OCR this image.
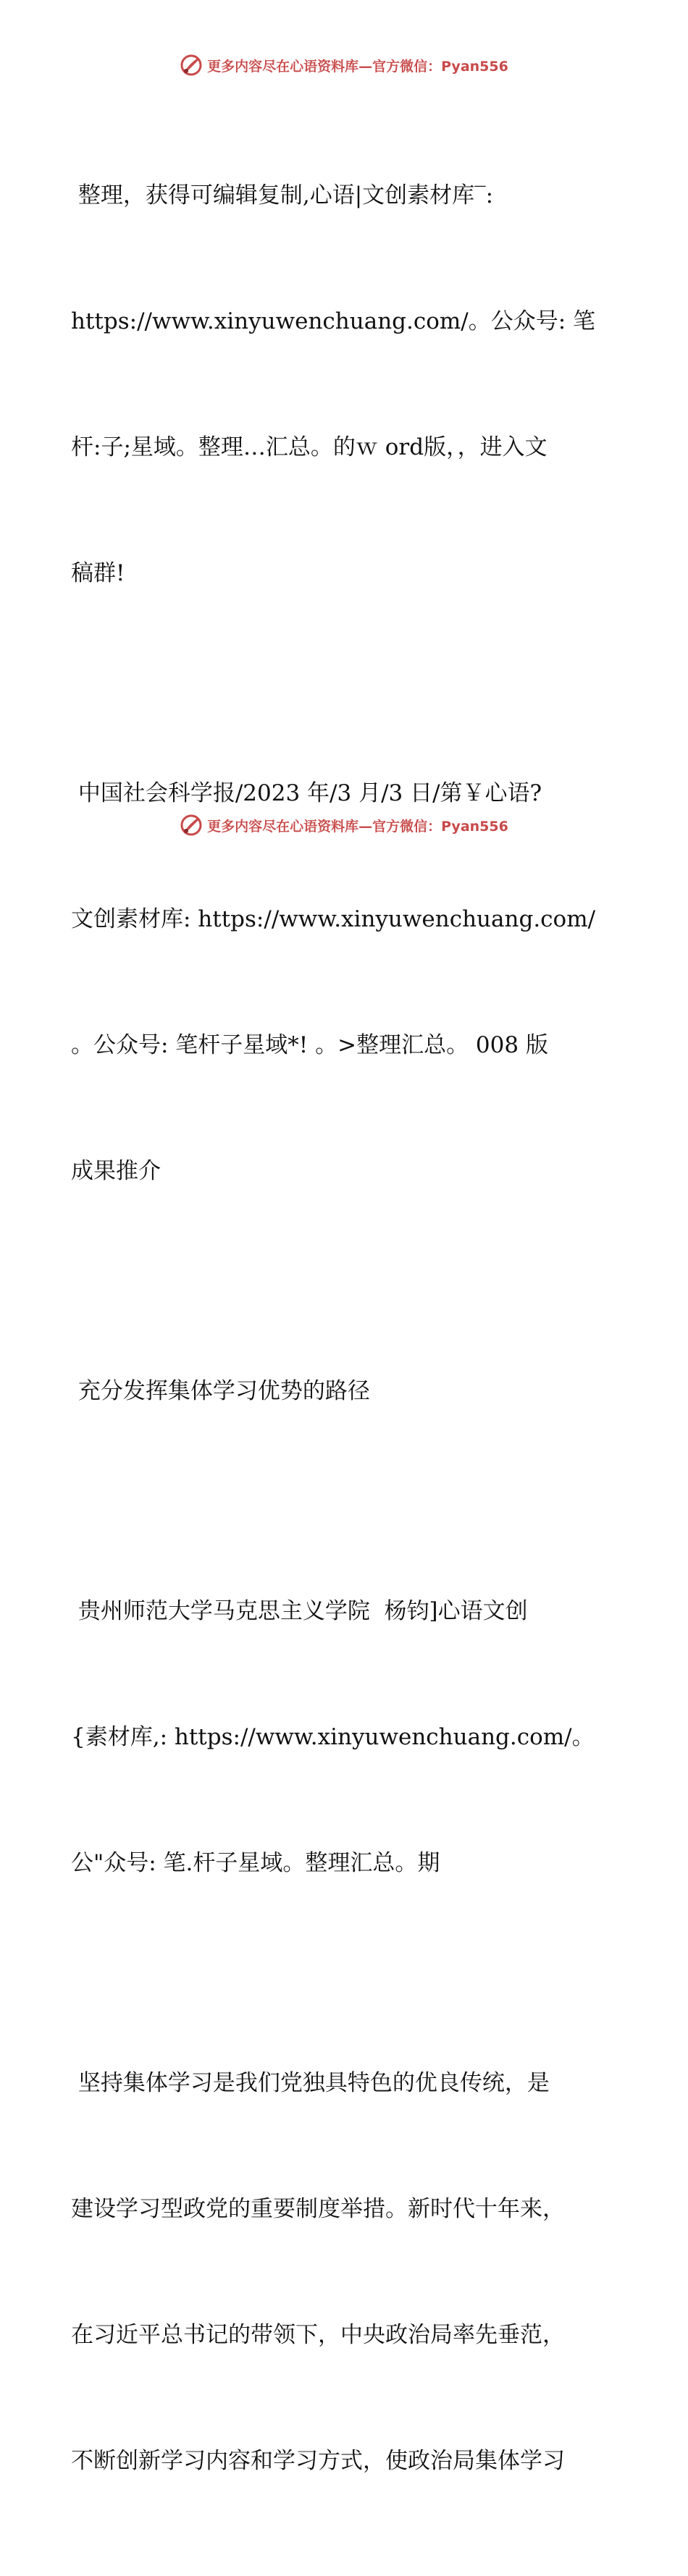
更多内容尽在心语资料库—官方微信：Pyan556

整理，获得可编辑复制,心语|文创素材库‾:

https://www.xinyuwenchuang.com/。公众号: 笔

杆:子;星域。整理…汇总。的ｗ ord版，，进入文

稿群!

中国社会科学报/2023 年/3 月/3 日/第￥心语?

文创素材库: https://www.xinyuwenchuang.com/

。公众号: 笔杆子星域*! 。>整理汇总。 008 版

成果推介

充分发挥集体学习优势的路径

贵州师范大学马克思主义学院  杨钧]心语文创

{素材库,: https://www.xinyuwenchuang.com/。

公"众号: 笔.杆子星域。整理汇总。期

坚持集体学习是我们党独具特色的优良传统，是

建设学习型政党的重要制度举措。新时代十年来，

在习近平总书记的带领下，中央政治局率先垂范，

不断创新学习内容和学习方式，使政治局集体学习

更多内容尽在心语资料库—官方微信：Pyan556
